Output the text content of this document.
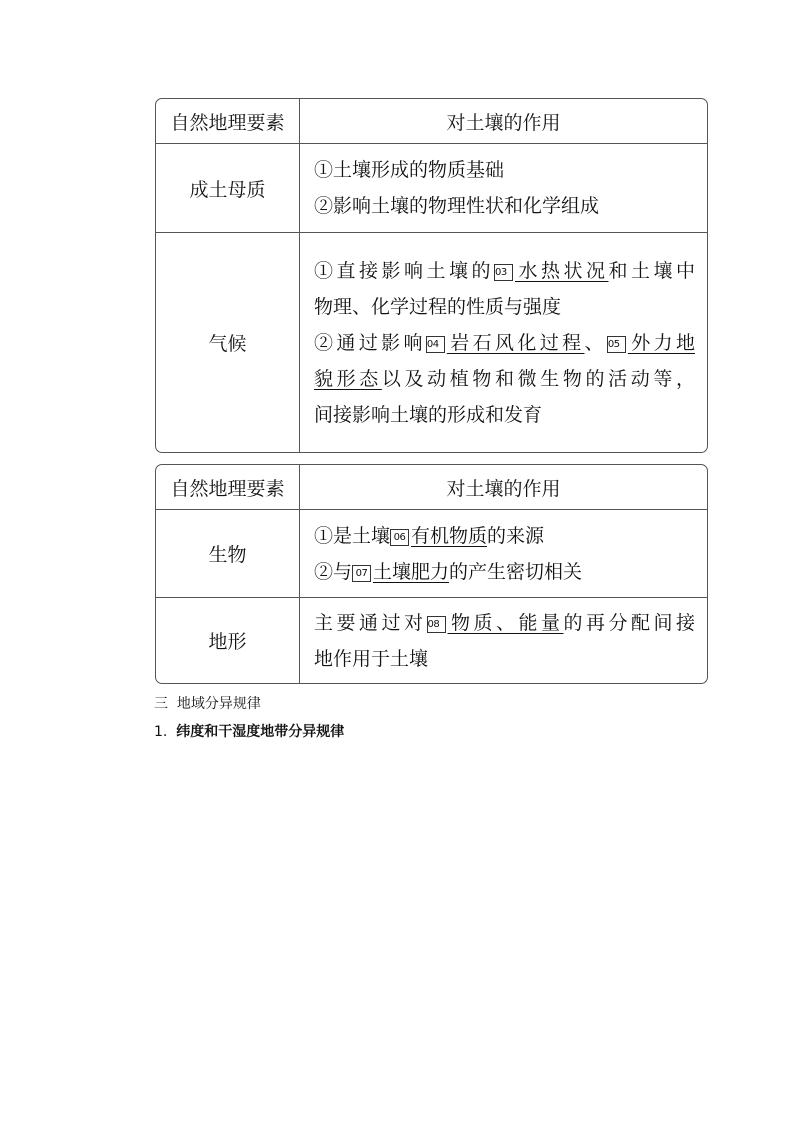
自然地理要素	对土壤的作用
成土母质
①土壤形成的物质基础
②影响土壤的物理性状和化学组成
气候
①直接影响土壤的03 水热状况和土壤中
物理、化学过程的性质与强度
②通过影响04 岩石风化过程、05 外力地
貌形态以及动植物和微生物的活动等，
间接影响土壤的形成和发育
自然地理要素	对土壤的作用
生物
①是土壤 06 有机物质的来源
②与 07 土壤肥力的产生密切相关
地形
主要通过对08 物质、能量的再分配间接
地作用于土壤
三  地域分异规律
1.  纬度和干湿度地带分异规律
